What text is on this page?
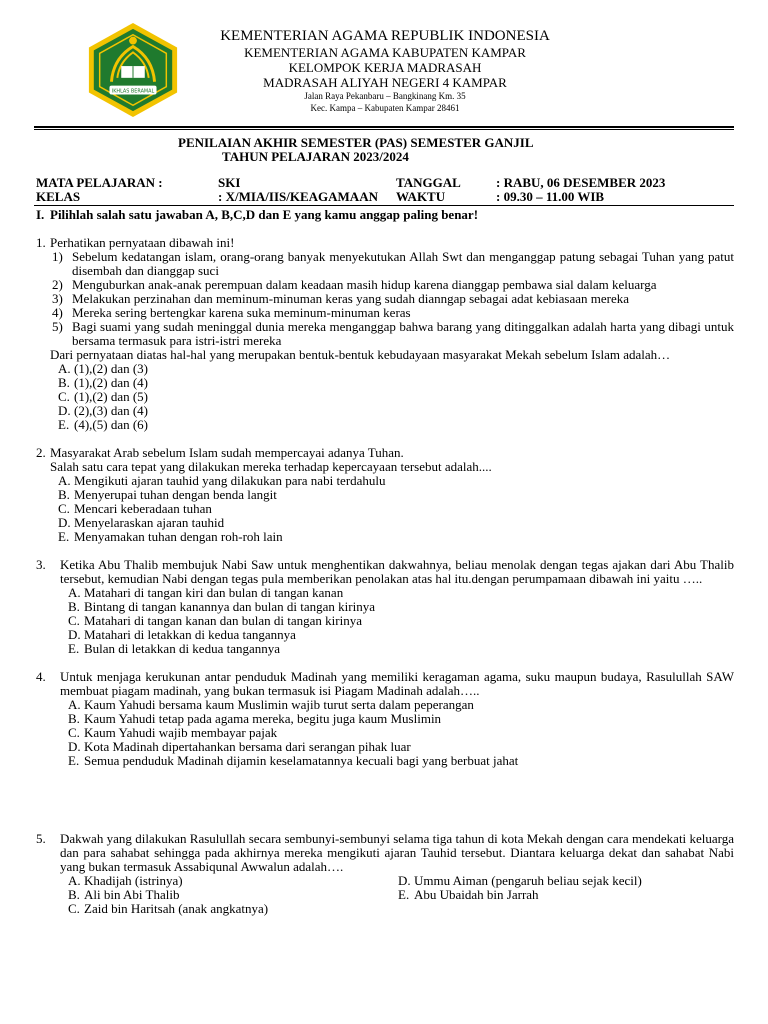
IKHLAS BERAMAL
KEMENTERIAN AGAMA REPUBLIK INDONESIA
KEMENTERIAN AGAMA KABUPATEN KAMPAR
KELOMPOK KERJA MADRASAH
MADRASAH ALIYAH NEGERI 4 KAMPAR
Jalan Raya Pekanbaru – Bangkinang Km. 35
Kec. Kampa – Kabupaten Kampar 28461
PENILAIAN AKHIR SEMESTER (PAS) SEMESTER GANJIL
TAHUN PELAJARAN 2023/2024
MATA PELAJARAN :	SKI	TANGGAL	: RABU, 06 DESEMBER 2023
KELAS	: X/MIA/IIS/KEAGAMAAN WAKTU	: 09.30 – 11.00 WIB
I. Pilihlah salah satu jawaban A, B,C,D dan E yang kamu anggap paling benar!
1. Perhatikan pernyataan dibawah ini!
1) Sebelum kedatangan islam, orang-orang banyak menyekutukan Allah Swt dan menganggap patung sebagai Tuhan yang patut disembah dan dianggap suci
2) Menguburkan anak-anak perempuan dalam keadaan masih hidup karena dianggap pembawa sial dalam keluarga
3) Melakukan perzinahan dan meminum-minuman keras yang sudah dianngap sebagai adat kebiasaan mereka
4) Mereka sering bertengkar karena suka meminum-minuman keras
5) Bagi suami yang sudah meninggal dunia mereka menganggap bahwa barang yang ditinggalkan adalah harta yang dibagi untuk bersama termasuk para istri-istri mereka
Dari pernyataan diatas hal-hal yang merupakan bentuk-bentuk kebudayaan masyarakat Mekah sebelum Islam adalah…
A. (1),(2) dan (3)
B. (1),(2) dan (4)
C. (1),(2) dan (5)
D. (2),(3) dan (4)
E. (4),(5) dan (6)
2. Masyarakat Arab sebelum Islam sudah mempercayai adanya Tuhan.
Salah satu cara tepat yang dilakukan mereka terhadap kepercayaan tersebut adalah....
A. Mengikuti ajaran tauhid yang dilakukan para nabi terdahulu
B. Menyerupai tuhan dengan benda langit
C. Mencari keberadaan tuhan
D. Menyelaraskan ajaran tauhid
E. Menyamakan tuhan dengan roh-roh lain
3. Ketika Abu Thalib membujuk Nabi Saw untuk menghentikan dakwahnya, beliau menolak dengan tegas ajakan dari Abu Thalib tersebut, kemudian Nabi dengan tegas pula memberikan penolakan atas hal itu.dengan perumpamaan dibawah ini yaitu …..
A. Matahari di tangan kiri dan bulan di tangan kanan
B. Bintang di tangan kanannya dan bulan di tangan kirinya
C. Matahari di tangan kanan dan bulan di tangan kirinya
D. Matahari di letakkan di kedua tangannya
E. Bulan di letakkan di kedua tangannya
4. Untuk menjaga kerukunan antar penduduk Madinah yang memiliki keragaman agama, suku maupun budaya, Rasulullah SAW membuat piagam madinah, yang bukan termasuk isi Piagam Madinah adalah…..
A. Kaum Yahudi bersama kaum Muslimin wajib turut serta dalam peperangan
B. Kaum Yahudi tetap pada agama mereka, begitu juga kaum Muslimin
C. Kaum Yahudi wajib membayar pajak
D. Kota Madinah dipertahankan bersama dari serangan pihak luar
E. Semua penduduk Madinah dijamin keselamatannya kecuali bagi yang berbuat jahat
5. Dakwah yang dilakukan Rasulullah secara sembunyi-sembunyi selama tiga tahun di kota Mekah dengan cara mendekati keluarga dan para sahabat sehingga pada akhirnya mereka mengikuti ajaran Tauhid tersebut. Diantara keluarga dekat dan sahabat Nabi yang bukan termasuk Assabiqunal Awwalun adalah….
A. Khadijah (istrinya)
B. Ali bin Abi Thalib
C. Zaid bin Haritsah (anak angkatnya)
D. Ummu Aiman (pengaruh beliau sejak kecil)
E. Abu Ubaidah bin Jarrah
